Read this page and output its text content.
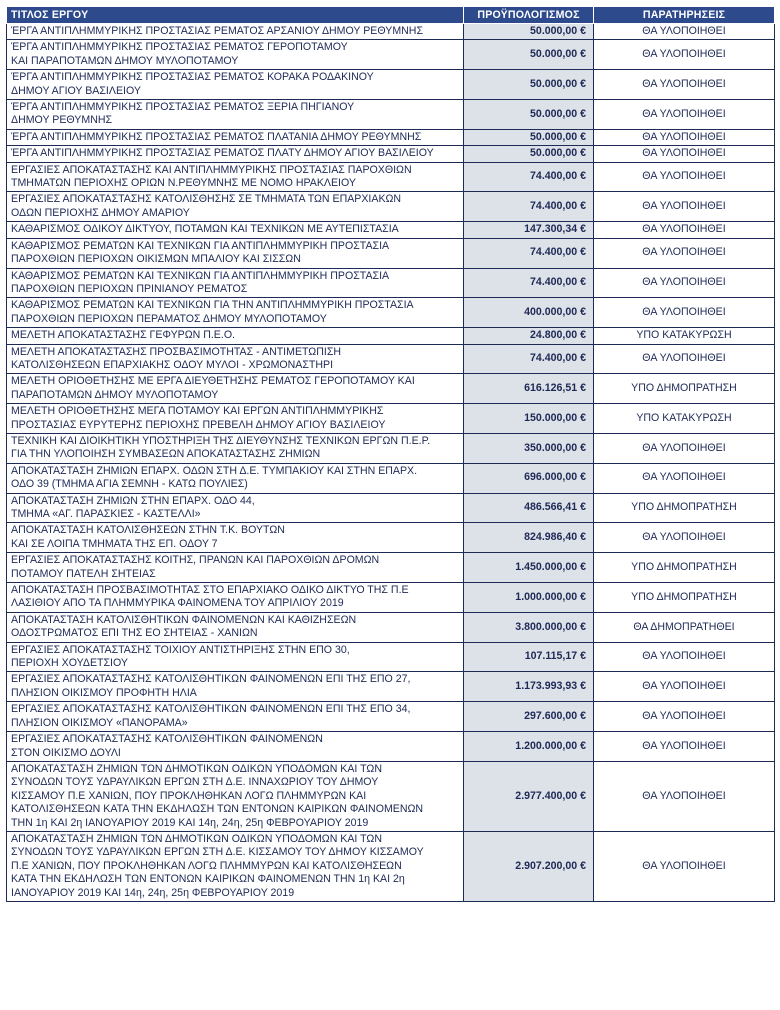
ΤΙΤΛΟΣ ΕΡΓΟΥ	ΠΡΟΫΠΟΛΟΓΙΣΜΟΣ	ΠΑΡΑΤΗΡΗΣΕΙΣ
ΈΡΓΑ ΑΝΤΙΠΛΗΜΜΥΡΙΚΗΣ ΠΡΟΣΤΑΣΙΑΣ ΡΕΜΑΤΟΣ ΑΡΣΑΝΙΟΥ ΔΗΜΟΥ ΡΕΘΥΜΝΗΣ	50.000,00 €	ΘΑ ΥΛΟΠΟΙΗΘΕΙ
ΈΡΓΑ ΑΝΤΙΠΛΗΜΜΥΡΙΚΗΣ ΠΡΟΣΤΑΣΙΑΣ ΡΕΜΑΤΟΣ ΓΕΡΟΠΟΤΑΜΟΥ
ΚΑΙ ΠΑΡΑΠΟΤΑΜΩΝ ΔΗΜΟΥ ΜΥΛΟΠΟΤΑΜΟΥ	50.000,00 €	ΘΑ ΥΛΟΠΟΙΗΘΕΙ
ΈΡΓΑ ΑΝΤΙΠΛΗΜΜΥΡΙΚΗΣ ΠΡΟΣΤΑΣΙΑΣ ΡΕΜΑΤΟΣ ΚΟΡΑΚΑ ΡΟΔΑΚΙΝΟΥ
ΔΗΜΟΥ ΑΓΙΟΥ ΒΑΣΙΛΕΙΟΥ	50.000,00 €	ΘΑ ΥΛΟΠΟΙΗΘΕΙ
ΈΡΓΑ ΑΝΤΙΠΛΗΜΜΥΡΙΚΗΣ ΠΡΟΣΤΑΣΙΑΣ ΡΕΜΑΤΟΣ ΞΕΡΙΑ ΠΗΓΙΑΝΟΥ
ΔΗΜΟΥ ΡΕΘΥΜΝΗΣ	50.000,00 €	ΘΑ ΥΛΟΠΟΙΗΘΕΙ
ΈΡΓΑ ΑΝΤΙΠΛΗΜΜΥΡΙΚΗΣ ΠΡΟΣΤΑΣΙΑΣ ΡΕΜΑΤΟΣ ΠΛΑΤΑΝΙΑ ΔΗΜΟΥ ΡΕΘΥΜΝΗΣ	50.000,00 €	ΘΑ ΥΛΟΠΟΙΗΘΕΙ
ΈΡΓΑ ΑΝΤΙΠΛΗΜΜΥΡΙΚΗΣ ΠΡΟΣΤΑΣΙΑΣ ΡΕΜΑΤΟΣ ΠΛΑΤΥ ΔΗΜΟΥ ΑΓΙΟΥ ΒΑΣΙΛΕΙΟΥ	50.000,00 €	ΘΑ ΥΛΟΠΟΙΗΘΕΙ
ΕΡΓΑΣΙΕΣ ΑΠΟΚΑΤΑΣΤΑΣΗΣ ΚΑΙ ΑΝΤΙΠΛΗΜΜΥΡΙΚΗΣ ΠΡΟΣΤΑΣΙΑΣ ΠΑΡΟΧΘΙΩΝ
ΤΜΗΜΑΤΩΝ ΠΕΡΙΟΧΗΣ ΟΡΙΩΝ Ν.ΡΕΘΥΜΝΗΣ ΜΕ ΝΟΜΟ ΗΡΑΚΛΕΙΟΥ	74.400,00 €	ΘΑ ΥΛΟΠΟΙΗΘΕΙ
ΕΡΓΑΣΙΕΣ ΑΠΟΚΑΤΑΣΤΑΣΗΣ ΚΑΤΟΛΙΣΘΗΣΗΣ ΣΕ ΤΜΗΜΑΤΑ ΤΩΝ ΕΠΑΡΧΙΑΚΩΝ
ΟΔΩΝ ΠΕΡΙΟΧΗΣ ΔΗΜΟΥ ΑΜΑΡΙΟΥ	74.400,00 €	ΘΑ ΥΛΟΠΟΙΗΘΕΙ
ΚΑΘΑΡΙΣΜΟΣ ΟΔΙΚΟΥ ΔΙΚΤΥΟΥ, ΠΟΤΑΜΩΝ ΚΑΙ ΤΕΧΝΙΚΩΝ ΜΕ ΑΥΤΕΠΙΣΤΑΣΙΑ	147.300,34 €	ΘΑ ΥΛΟΠΟΙΗΘΕΙ
ΚΑΘΑΡΙΣΜΟΣ ΡΕΜΑΤΩΝ ΚΑΙ ΤΕΧΝΙΚΩΝ ΓΙΑ ΑΝΤΙΠΛΗΜΜΥΡΙΚΗ ΠΡΟΣΤΑΣΙΑ
ΠΑΡΟΧΘΙΩΝ ΠΕΡΙΟΧΩΝ ΟΙΚΙΣΜΩΝ ΜΠΑΛΙΟΥ ΚΑΙ ΣΙΣΣΩΝ	74.400,00 €	ΘΑ ΥΛΟΠΟΙΗΘΕΙ
ΚΑΘΑΡΙΣΜΟΣ ΡΕΜΑΤΩΝ ΚΑΙ ΤΕΧΝΙΚΩΝ ΓΙΑ ΑΝΤΙΠΛΗΜΜΥΡΙΚΗ ΠΡΟΣΤΑΣΙΑ
ΠΑΡΟΧΘΙΩΝ ΠΕΡΙΟΧΩΝ ΠΡΙΝΙΑΝΟΥ ΡΕΜΑΤΟΣ	74.400,00 €	ΘΑ ΥΛΟΠΟΙΗΘΕΙ
ΚΑΘΑΡΙΣΜΟΣ ΡΕΜΑΤΩΝ ΚΑΙ ΤΕΧΝΙΚΩΝ ΓΙΑ ΤΗΝ ΑΝΤΙΠΛΗΜΜΥΡΙΚΗ ΠΡΟΣΤΑΣΙΑ
ΠΑΡΟΧΘΙΩΝ ΠΕΡΙΟΧΩΝ ΠΕΡΑΜΑΤΟΣ ΔΗΜΟΥ ΜΥΛΟΠΟΤΑΜΟΥ	400.000,00 €	ΘΑ ΥΛΟΠΟΙΗΘΕΙ
ΜΕΛΕΤΗ ΑΠΟΚΑΤΑΣΤΑΣΗΣ ΓΕΦΥΡΩΝ Π.Ε.Ο.	24.800,00 €	ΥΠΟ ΚΑΤΑΚΥΡΩΣΗ
ΜΕΛΕΤΗ ΑΠΟΚΑΤΑΣΤΑΣΗΣ ΠΡΟΣΒΑΣΙΜΟΤΗΤΑΣ - ΑΝΤΙΜΕΤΩΠΙΣΗ
ΚΑΤΟΛΙΣΘΗΣΕΩΝ ΕΠΑΡΧΙΑΚΗΣ ΟΔΟΥ ΜΥΛΟΙ - ΧΡΩΜΟΝΑΣΤΗΡΙ	74.400,00 €	ΘΑ ΥΛΟΠΟΙΗΘΕΙ
ΜΕΛΕΤΗ ΟΡΙΟΘΕΤΗΣΗΣ ΜΕ ΕΡΓΑ ΔΙΕΥΘΕΤΗΣΗΣ ΡΕΜΑΤΟΣ ΓΕΡΟΠΟΤΑΜΟΥ ΚΑΙ
ΠΑΡΑΠΟΤΑΜΩΝ ΔΗΜΟΥ ΜΥΛΟΠΟΤΑΜΟΥ	616.126,51 €	ΥΠΟ ΔΗΜΟΠΡΑΤΗΣΗ
ΜΕΛΕΤΗ ΟΡΙΟΘΕΤΗΣΗΣ ΜΕΓΑ ΠΟΤΑΜΟΥ ΚΑΙ ΕΡΓΩΝ ΑΝΤΙΠΛΗΜΜΥΡΙΚΗΣ
ΠΡΟΣΤΑΣΙΑΣ ΕΥΡΥΤΕΡΗΣ ΠΕΡΙΟΧΗΣ ΠΡΕΒΕΛΗ ΔΗΜΟΥ ΑΓΙΟΥ ΒΑΣΙΛΕΙΟΥ	150.000,00 €	ΥΠΟ ΚΑΤΑΚΥΡΩΣΗ
ΤΕΧΝΙΚΗ ΚΑΙ ΔΙΟΙΚΗΤΙΚΗ ΥΠΟΣΤΗΡΙΞΗ ΤΗΣ ΔΙΕΥΘΥΝΣΗΣ ΤΕΧΝΙΚΩΝ ΕΡΓΩΝ Π.Ε.Ρ.
ΓΙΑ ΤΗΝ ΥΛΟΠΟΙΗΣΗ ΣΥΜΒΑΣΕΩΝ ΑΠΟΚΑΤΑΣΤΑΣΗΣ ΖΗΜΙΩΝ	350.000,00 €	ΘΑ ΥΛΟΠΟΙΗΘΕΙ
ΑΠΟΚΑΤΑΣΤΑΣΗ ΖΗΜΙΩΝ ΕΠΑΡΧ. ΟΔΩΝ ΣΤΗ Δ.Ε. ΤΥΜΠΑΚΙΟΥ ΚΑΙ ΣΤΗΝ ΕΠΑΡΧ.
ΟΔΟ 39 (ΤΜΗΜΑ ΑΓΙΑ ΣΕΜΝΗ - ΚΑΤΩ ΠΟΥΛΙΕΣ)	696.000,00 €	ΘΑ ΥΛΟΠΟΙΗΘΕΙ
ΑΠΟΚΑΤΑΣΤΑΣΗ ΖΗΜΙΩΝ ΣΤΗΝ ΕΠΑΡΧ. ΟΔΟ 44,
ΤΜΗΜΑ «ΑΓ. ΠΑΡΑΣΚΙΕΣ - ΚΑΣΤΕΛΛΙ»	486.566,41 €	ΥΠΟ ΔΗΜΟΠΡΑΤΗΣΗ
ΑΠΟΚΑΤΑΣΤΑΣΗ ΚΑΤΟΛΙΣΘΗΣΕΩΝ ΣΤΗΝ Τ.Κ. ΒΟΥΤΩΝ
ΚΑΙ ΣΕ ΛΟΙΠΑ ΤΜΗΜΑΤΑ ΤΗΣ ΕΠ. ΟΔΟΥ 7	824.986,40 €	ΘΑ ΥΛΟΠΟΙΗΘΕΙ
ΕΡΓΑΣΙΕΣ ΑΠΟΚΑΤΑΣΤΑΣΗΣ ΚΟΙΤΗΣ, ΠΡΑΝΩΝ ΚΑΙ ΠΑΡΟΧΘΙΩΝ ΔΡΟΜΩΝ
ΠΟΤΑΜΟΥ ΠΑΤΕΛΗ ΣΗΤΕΙΑΣ	1.450.000,00 €	ΥΠΟ ΔΗΜΟΠΡΑΤΗΣΗ
ΑΠΟΚΑΤΑΣΤΑΣΗ ΠΡΟΣΒΑΣΙΜΟΤΗΤΑΣ ΣΤΟ ΕΠΑΡΧΙΑΚΟ ΟΔΙΚΟ ΔΙΚΤΥΟ ΤΗΣ Π.Ε
ΛΑΣΙΘΙΟΥ ΑΠΟ ΤΑ ΠΛΗΜΜΥΡΙΚΑ ΦΑΙΝΟΜΕΝΑ ΤΟΥ ΑΠΡΙΛΙΟΥ 2019	1.000.000,00 €	ΥΠΟ ΔΗΜΟΠΡΑΤΗΣΗ
ΑΠΟΚΑΤΑΣΤΑΣΗ ΚΑΤΟΛΙΣΘΗΤΙΚΩΝ ΦΑΙΝΟΜΕΝΩΝ ΚΑΙ ΚΑΘΙΖΗΣΕΩΝ
ΟΔΟΣΤΡΩΜΑΤΟΣ ΕΠΙ ΤΗΣ ΕΟ ΣΗΤΕΙΑΣ - ΧΑΝΙΩΝ	3.800.000,00 €	ΘΑ ΔΗΜΟΠΡΑΤΗΘΕΙ
ΕΡΓΑΣΙΕΣ ΑΠΟΚΑΤΑΣΤΑΣΗΣ ΤΟΙΧΙΟΥ ΑΝΤΙΣΤΗΡΙΞΗΣ ΣΤΗΝ ΕΠΟ 30,
ΠΕΡΙΟΧΗ ΧΟΥΔΕΤΣΙΟΥ	107.115,17 €	ΘΑ ΥΛΟΠΟΙΗΘΕΙ
ΕΡΓΑΣΙΕΣ ΑΠΟΚΑΤΑΣΤΑΣΗΣ ΚΑΤΟΛΙΣΘΗΤΙΚΩΝ ΦΑΙΝΟΜΕΝΩΝ ΕΠΙ ΤΗΣ ΕΠΟ 27,
ΠΛΗΣΙΟΝ ΟΙΚΙΣΜΟΥ ΠΡΟΦΗΤΗ ΗΛΙΑ	1.173.993,93 €	ΘΑ ΥΛΟΠΟΙΗΘΕΙ
ΕΡΓΑΣΙΕΣ ΑΠΟΚΑΤΑΣΤΑΣΗΣ ΚΑΤΟΛΙΣΘΗΤΙΚΩΝ ΦΑΙΝΟΜΕΝΩΝ ΕΠΙ ΤΗΣ ΕΠΟ 34,
ΠΛΗΣΙΟΝ ΟΙΚΙΣΜΟΥ «ΠΑΝΟΡΑΜΑ»	297.600,00 €	ΘΑ ΥΛΟΠΟΙΗΘΕΙ
ΕΡΓΑΣΙΕΣ ΑΠΟΚΑΤΑΣΤΑΣΗΣ ΚΑΤΟΛΙΣΘΗΤΙΚΩΝ ΦΑΙΝΟΜΕΝΩΝ
ΣΤΟΝ ΟΙΚΙΣΜΟ ΔΟΥΛΙ	1.200.000,00 €	ΘΑ ΥΛΟΠΟΙΗΘΕΙ
ΑΠΟΚΑΤΑΣΤΑΣΗ ΖΗΜΙΩΝ ΤΩΝ ΔΗΜΟΤΙΚΩΝ ΟΔΙΚΩΝ ΥΠΟΔΟΜΩΝ ΚΑΙ ΤΩΝ
ΣΥΝΟΔΩΝ ΤΟΥΣ ΥΔΡΑΥΛΙΚΩΝ ΕΡΓΩΝ ΣΤΗ Δ.Ε. ΙΝΝΑΧΩΡΙΟΥ ΤΟΥ ΔΗΜΟΥ
ΚΙΣΣΑΜΟΥ Π.Ε ΧΑΝΙΩΝ, ΠΟΥ ΠΡΟΚΛΗΘΗΚΑΝ ΛΟΓΩ ΠΛΗΜΜΥΡΩΝ ΚΑΙ
ΚΑΤΟΛΙΣΘΗΣΕΩΝ ΚΑΤΑ ΤΗΝ ΕΚΔΗΛΩΣΗ ΤΩΝ ΕΝΤΟΝΩΝ ΚΑΙΡΙΚΩΝ ΦΑΙΝΟΜΕΝΩΝ
ΤΗΝ 1η ΚΑΙ 2η ΙΑΝΟΥΑΡΙΟΥ 2019 ΚΑΙ 14η, 24η, 25η ΦΕΒΡΟΥΑΡΙΟΥ 2019	2.977.400,00 €	ΘΑ ΥΛΟΠΟΙΗΘΕΙ
ΑΠΟΚΑΤΑΣΤΑΣΗ ΖΗΜΙΩΝ ΤΩΝ ΔΗΜΟΤΙΚΩΝ ΟΔΙΚΩΝ ΥΠΟΔΟΜΩΝ ΚΑΙ ΤΩΝ
ΣΥΝΟΔΩΝ ΤΟΥΣ ΥΔΡΑΥΛΙΚΩΝ ΕΡΓΩΝ ΣΤΗ Δ.Ε. ΚΙΣΣΑΜΟΥ ΤΟΥ ΔΗΜΟΥ ΚΙΣΣΑΜΟΥ
Π.Ε ΧΑΝΙΩΝ, ΠΟΥ ΠΡΟΚΛΗΘΗΚΑΝ ΛΟΓΩ ΠΛΗΜΜΥΡΩΝ ΚΑΙ ΚΑΤΟΛΙΣΘΗΣΕΩΝ
ΚΑΤΑ ΤΗΝ ΕΚΔΗΛΩΣΗ ΤΩΝ ΕΝΤΟΝΩΝ ΚΑΙΡΙΚΩΝ ΦΑΙΝΟΜΕΝΩΝ ΤΗΝ 1η ΚΑΙ 2η
ΙΑΝΟΥΑΡΙΟΥ 2019 ΚΑΙ 14η, 24η, 25η ΦΕΒΡΟΥΑΡΙΟΥ 2019	2.907.200,00 €	ΘΑ ΥΛΟΠΟΙΗΘΕΙ
